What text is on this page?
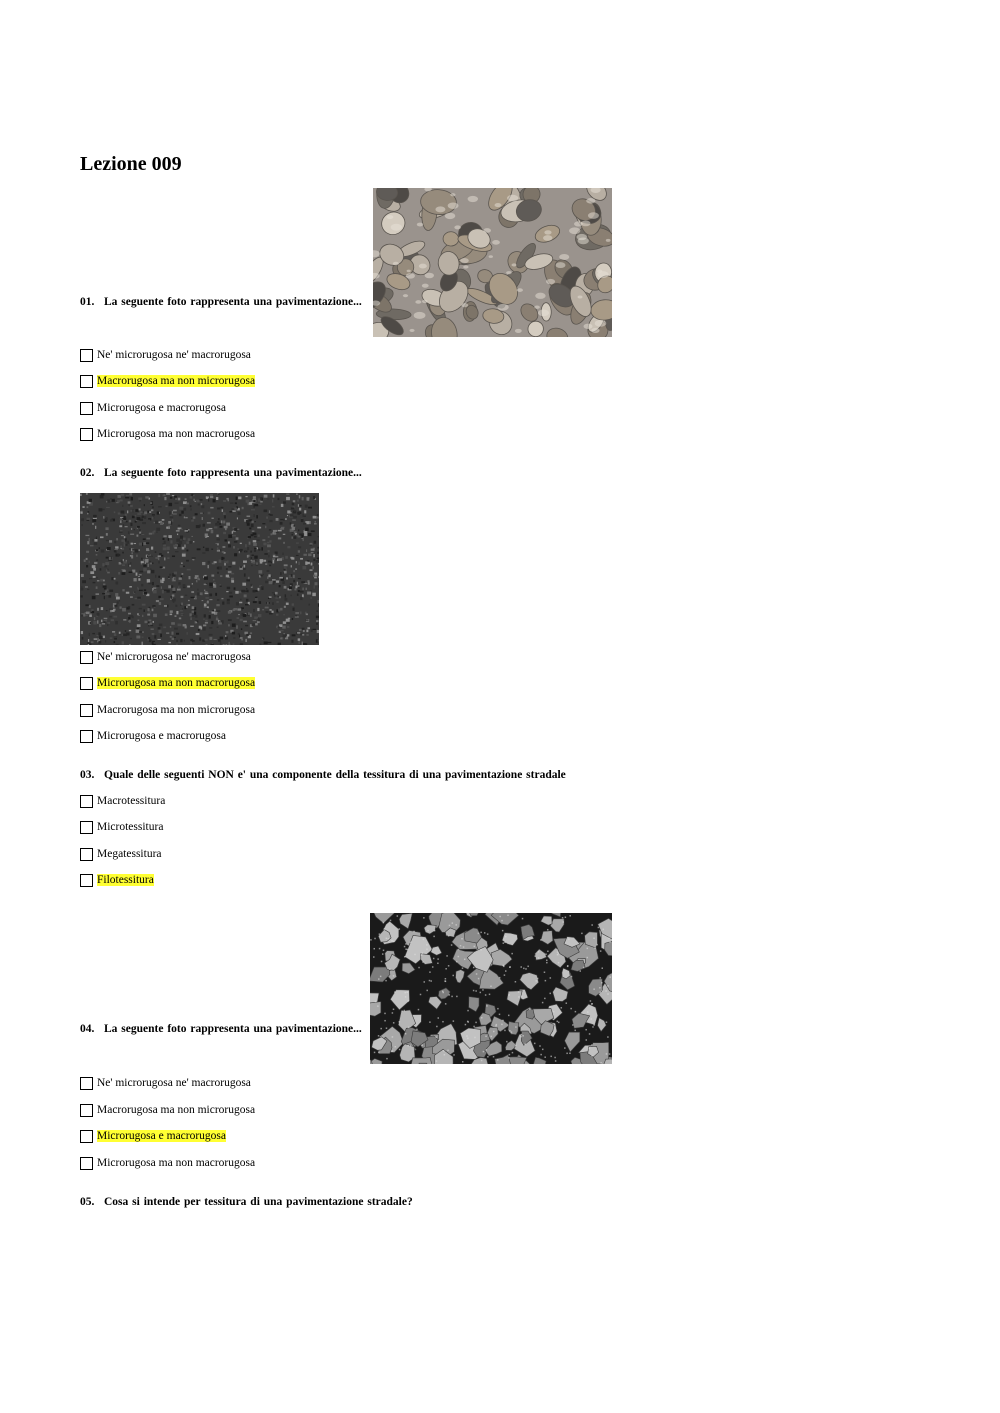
Lezione 009
01. La seguente foto rappresenta una pavimentazione...
Ne' microrugosa ne' macrorugosa
Macrorugosa ma non microrugosa
Microrugosa e macrorugosa
Microrugosa ma non macrorugosa
02. La seguente foto rappresenta una pavimentazione...
Ne' microrugosa ne' macrorugosa
Microrugosa ma non macrorugosa
Macrorugosa ma non microrugosa
Microrugosa e macrorugosa
03. Quale delle seguenti NON e' una componente della tessitura di una pavimentazione stradale
Macrotessitura
Microtessitura
Megatessitura
Filotessitura
04. La seguente foto rappresenta una pavimentazione...
Ne' microrugosa ne' macrorugosa
Macrorugosa ma non microrugosa
Microrugosa e macrorugosa
Microrugosa ma non macrorugosa
05. Cosa si intende per tessitura di una pavimentazione stradale?
